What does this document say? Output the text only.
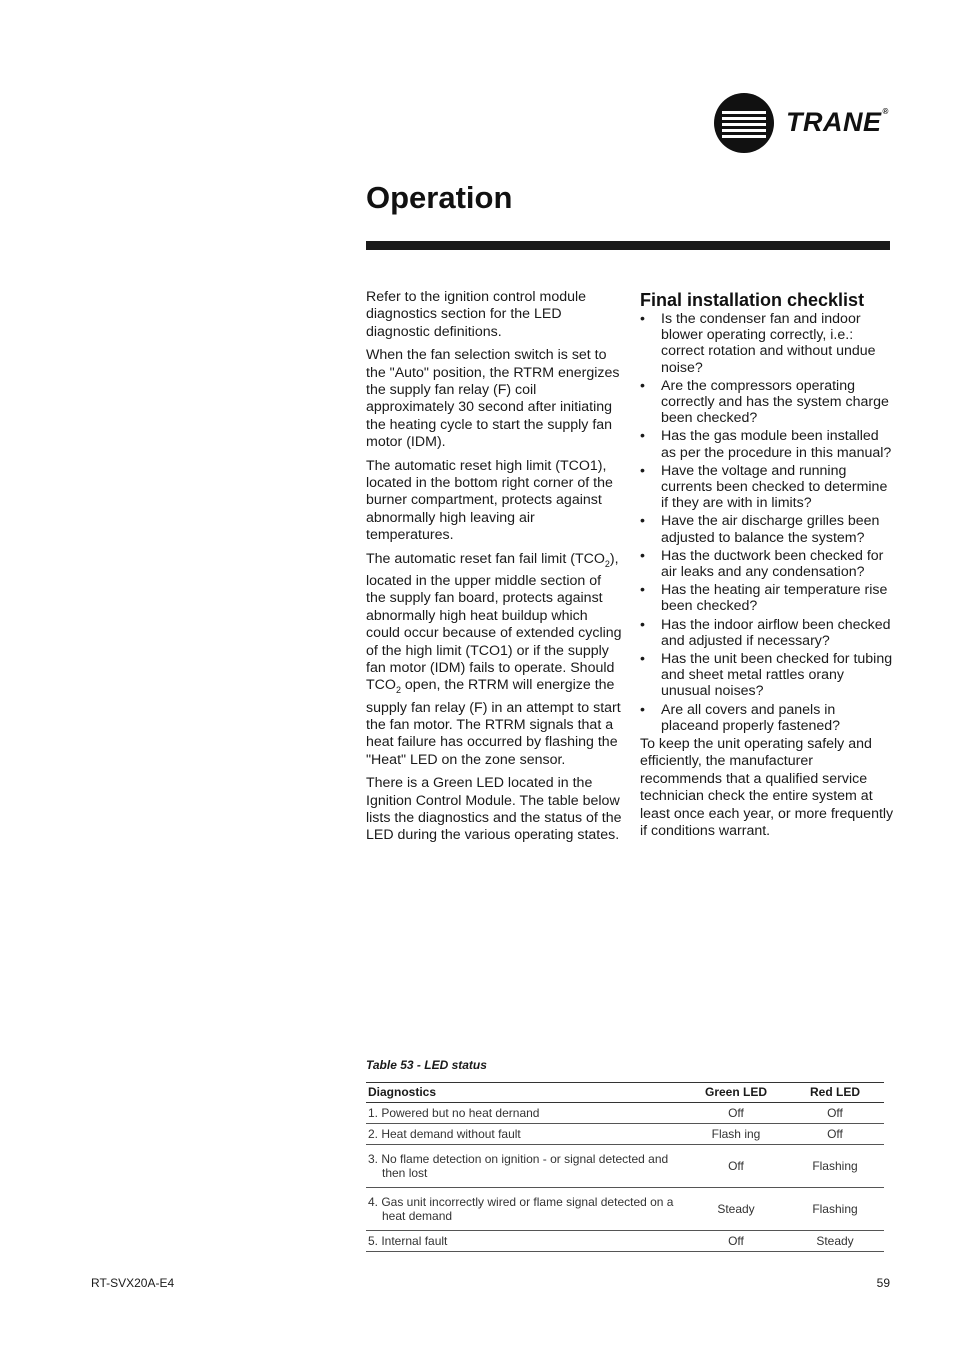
TRANE®
Operation

Refer to the ignition control module diagnostics section for the LED diagnostic definitions.

When the fan selection switch is set to the "Auto" position, the RTRM energizes the supply fan relay (F) coil approximately 30 second after initiating the heating cycle to start the supply fan motor (IDM).

The automatic reset high limit (TCO1), located in the bottom right corner of the burner compartment, protects against abnormally high leaving air temperatures.

The automatic reset fan fail limit $(TCO_2)$, located in the upper middle section of the supply fan board, protects against abnormally high heat buildup which could occur because of extended cycling of the high limit (TCO1) or if the supply fan motor (IDM) fails to operate. Should $TCO_2$ open, the RTRM will energize the supply fan relay (F) in an attempt to start the fan motor. The RTRM signals that a heat failure has occurred by flashing the "Heat" LED on the zone sensor.

There is a Green LED located in the Ignition Control Module. The table below lists the diagnostics and the status of the LED during the various operating states.

Final installation checklist
• Is the condenser fan and indoor blower operating correctly, i.e.: correct rotation and without undue noise?
• Are the compressors operating correctly and has the system charge been checked?
• Has the gas module been installed as per the procedure in this manual?
• Have the voltage and running currents been checked to determine if they are with in limits?
• Have the air discharge grilles been adjusted to balance the system?
• Has the ductwork been checked for air leaks and any condensation?
• Has the heating air temperature rise been checked?
• Has the indoor airflow been checked and adjusted if necessary?
• Has the unit been checked for tubing and sheet metal rattles orany unusual noises?
• Are all covers and panels in placeand properly fastened?

To keep the unit operating safely and efficiently, the manufacturer recommends that a qualified service technician check the entire system at least once each year, or more frequently if conditions warrant.

Table 53 - LED status
Diagnostics	Green LED	Red LED

1. Powered but no heat dernand	Off	Off

2. Heat demand without fault	Flash ing	Off

3. No flame detection on ignition - or signal detected and then lost	Off	Flashing

4. Gas unit incorrectly wired or flame signal detected on a heat demand	Steady	Flashing

5. Internal fault	Off	Steady
RT-SVX20A-E4	59
